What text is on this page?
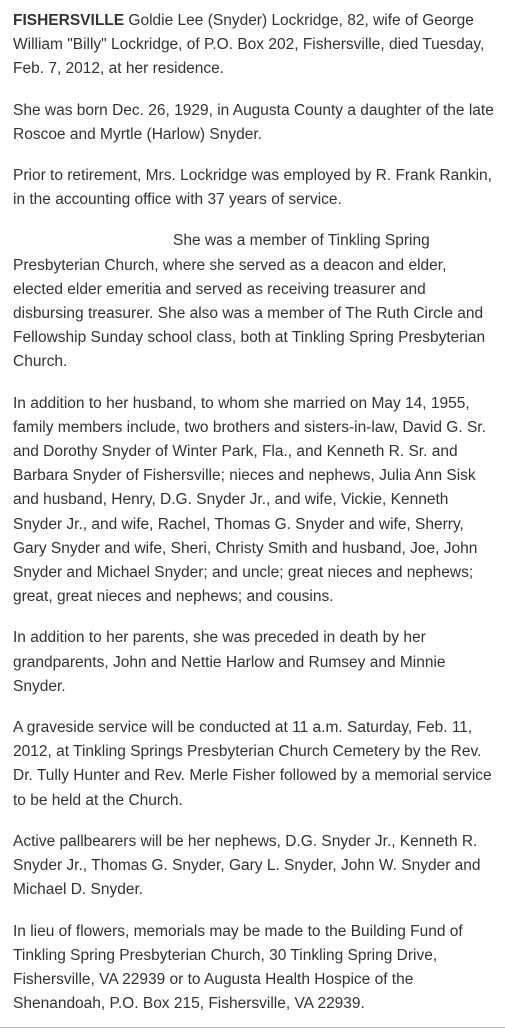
FISHERSVILLE Goldie Lee (Snyder) Lockridge, 82, wife of George William "Billy" Lockridge, of P.O. Box 202, Fishersville, died Tuesday, Feb. 7, 2012, at her residence.

She was born Dec. 26, 1929, in Augusta County a daughter of the late Roscoe and Myrtle (Harlow) Snyder.

Prior to retirement, Mrs. Lockridge was employed by R. Frank Rankin, in the accounting office with 37 years of service.

She was a member of Tinkling Spring Presbyterian Church, where she served as a deacon and elder, elected elder emeritia and served as receiving treasurer and disbursing treasurer. She also was a member of The Ruth Circle and Fellowship Sunday school class, both at Tinkling Spring Presbyterian Church.

In addition to her husband, to whom she married on May 14, 1955, family members include, two brothers and sisters-in-law, David G. Sr. and Dorothy Snyder of Winter Park, Fla., and Kenneth R. Sr. and Barbara Snyder of Fishersville; nieces and nephews, Julia Ann Sisk and husband, Henry, D.G. Snyder Jr., and wife, Vickie, Kenneth Snyder Jr., and wife, Rachel, Thomas G. Snyder and wife, Sherry, Gary Snyder and wife, Sheri, Christy Smith and husband, Joe, John Snyder and Michael Snyder; and uncle; great nieces and nephews; great, great nieces and nephews; and cousins.

In addition to her parents, she was preceded in death by her grandparents, John and Nettie Harlow and Rumsey and Minnie Snyder.

A graveside service will be conducted at 11 a.m. Saturday, Feb. 11, 2012, at Tinkling Springs Presbyterian Church Cemetery by the Rev. Dr. Tully Hunter and Rev. Merle Fisher followed by a memorial service to be held at the Church.

Active pallbearers will be her nephews, D.G. Snyder Jr., Kenneth R. Snyder Jr., Thomas G. Snyder, Gary L. Snyder, John W. Snyder and Michael D. Snyder.

In lieu of flowers, memorials may be made to the Building Fund of Tinkling Spring Presbyterian Church, 30 Tinkling Spring Drive, Fishersville, VA 22939 or to Augusta Health Hospice of the Shenandoah, P.O. Box 215, Fishersville, VA 22939.
